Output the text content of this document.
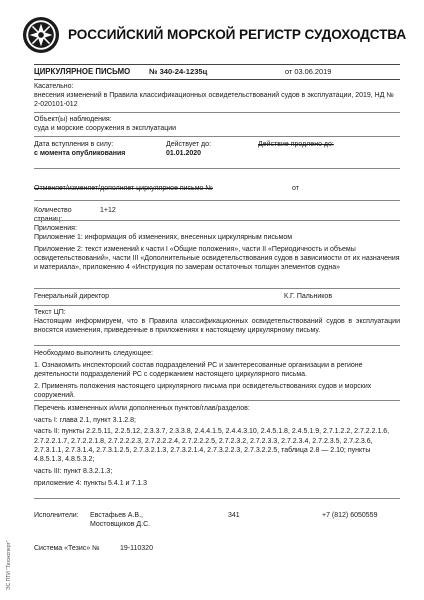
РОССИЙСКИЙ МОРСКОЙ РЕГИСТР СУДОХОДСТВА
ЦИРКУЛЯРНОЕ ПИСЬМО	№ 340-24-1235ц	от 03.06.2019
Касательно:
внесения изменений в Правила классификационных освидетельствований судов в эксплуатации, 2019, НД № 2-020101-012
Объект(ы) наблюдения:
суда и морские сооружения в эксплуатации
Дата вступления в силу:
с момента опубликования
Действует до:
01.01.2020
Действие продлено до:
Отменяет/изменяет/дополняет циркулярное письмо №	от
Количество страниц:
1+12
Приложения:
Приложение 1: информация об изменениях, внесенных циркулярным письмом
Приложение 2: текст изменений к части I «Общие положения», части II «Периодичность и объемы освидетельствований», части III «Дополнительные освидетельствования судов в зависимости от их назначения и материала», приложению 4 «Инструкция по замерам остаточных толщин элементов судна»
Генеральный директор	К.Г. Пальников
Текст ЦП:
Настоящим информируем, что в Правила классификационных освидетельствований судов в эксплуатации вносятся изменения, приведенные в приложениях к настоящему циркулярному письму.
Необходимо выполнить следующее:
1. Ознакомить инспекторский состав подразделений РС и заинтересованные организации в регионе деятельности подразделений РС с содержанием настоящего циркулярного письма.
2. Применять положения настоящего циркулярного письма при освидетельствованиях судов и морских сооружений.
Перечень измененных и/или дополненных пунктов/глав/разделов:
часть I: глава 2.1, пункт 3.1.2.8;
часть II: пункты 2.2.5.11, 2.2.5.12, 2.3.3.7, 2.3.3.8, 2.4.4.1.5, 2.4.4.3.10, 2.4.5.1.8, 2.4.5.1.9, 2.7.1.2.2, 2.7.2.2.1.6, 2.7.2.2.1.7, 2.7.2.2.1.8, 2.7.2.2.2.3, 2.7.2.2.2.4, 2.7.2.2.2.5, 2.7.2.3.2, 2.7.2.3.3, 2.7.2.3.4, 2.7.2.3.5, 2.7.2.3.6, 2.7.3.1.1, 2.7.3.1.4, 2.7.3.1.2.5, 2.7.3.2.1.3, 2.7.3.2.1.4, 2.7.3.2.2.3, 2.7.3.2.2.5, таблица 2.8 — 2.10; пункты 4.8.5.1.3, 4.8.5.3.2;
часть III: пункт 8.3.2.1.3;
приложение 4: пункты 5.4.1 и 7.1.3
Исполнители:	Евстафьев А.В.,
Мостовщиков Д.С.
341	+7 (812) 6050559
Система «Тезис» №	19-110320
ЭС ПТИ "Техэксперт"
